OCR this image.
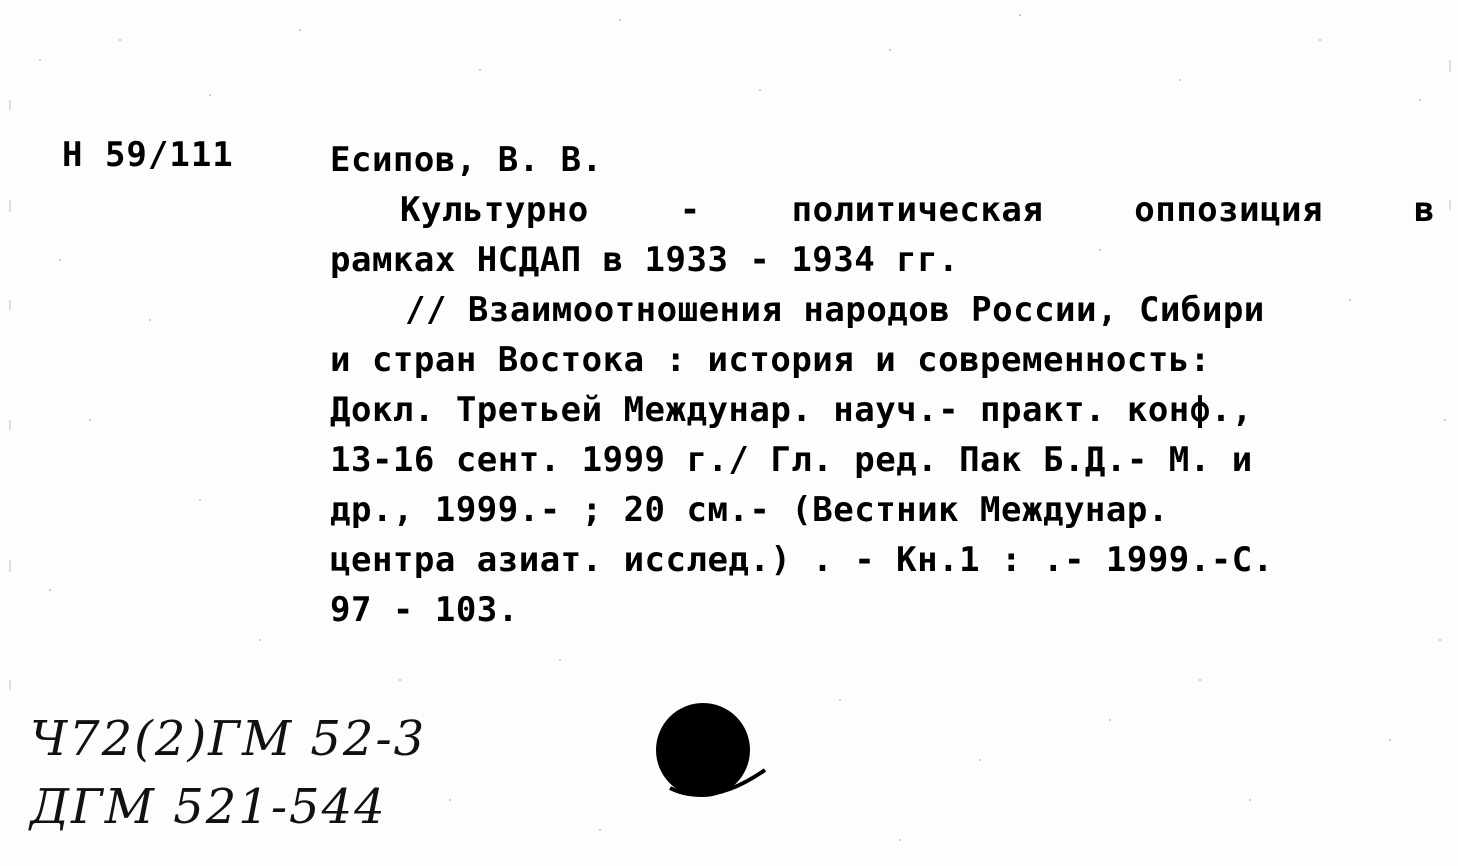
Н 59/111	Есипов, В. В.
Культурно	-	политическая	оппозиция	в
рамках НСДАП в 1933 - 1934 гг.
// Взаимоотношения народов России, Сибири
и стран Востока : история и современность:
Докл. Третьей Междунар. науч.- практ. конф.,
13-16 сент. 1999 г./ Гл. ред. Пак Б.Д.- М. и
др., 1999.- ; 20 см.- (Вестник Междунар.
центра азиат. исслед.) . - Кн.1 : .- 1999.-С.
97 - 103.
Ч72(2)ГМ 52-3
ДГМ 521-544
